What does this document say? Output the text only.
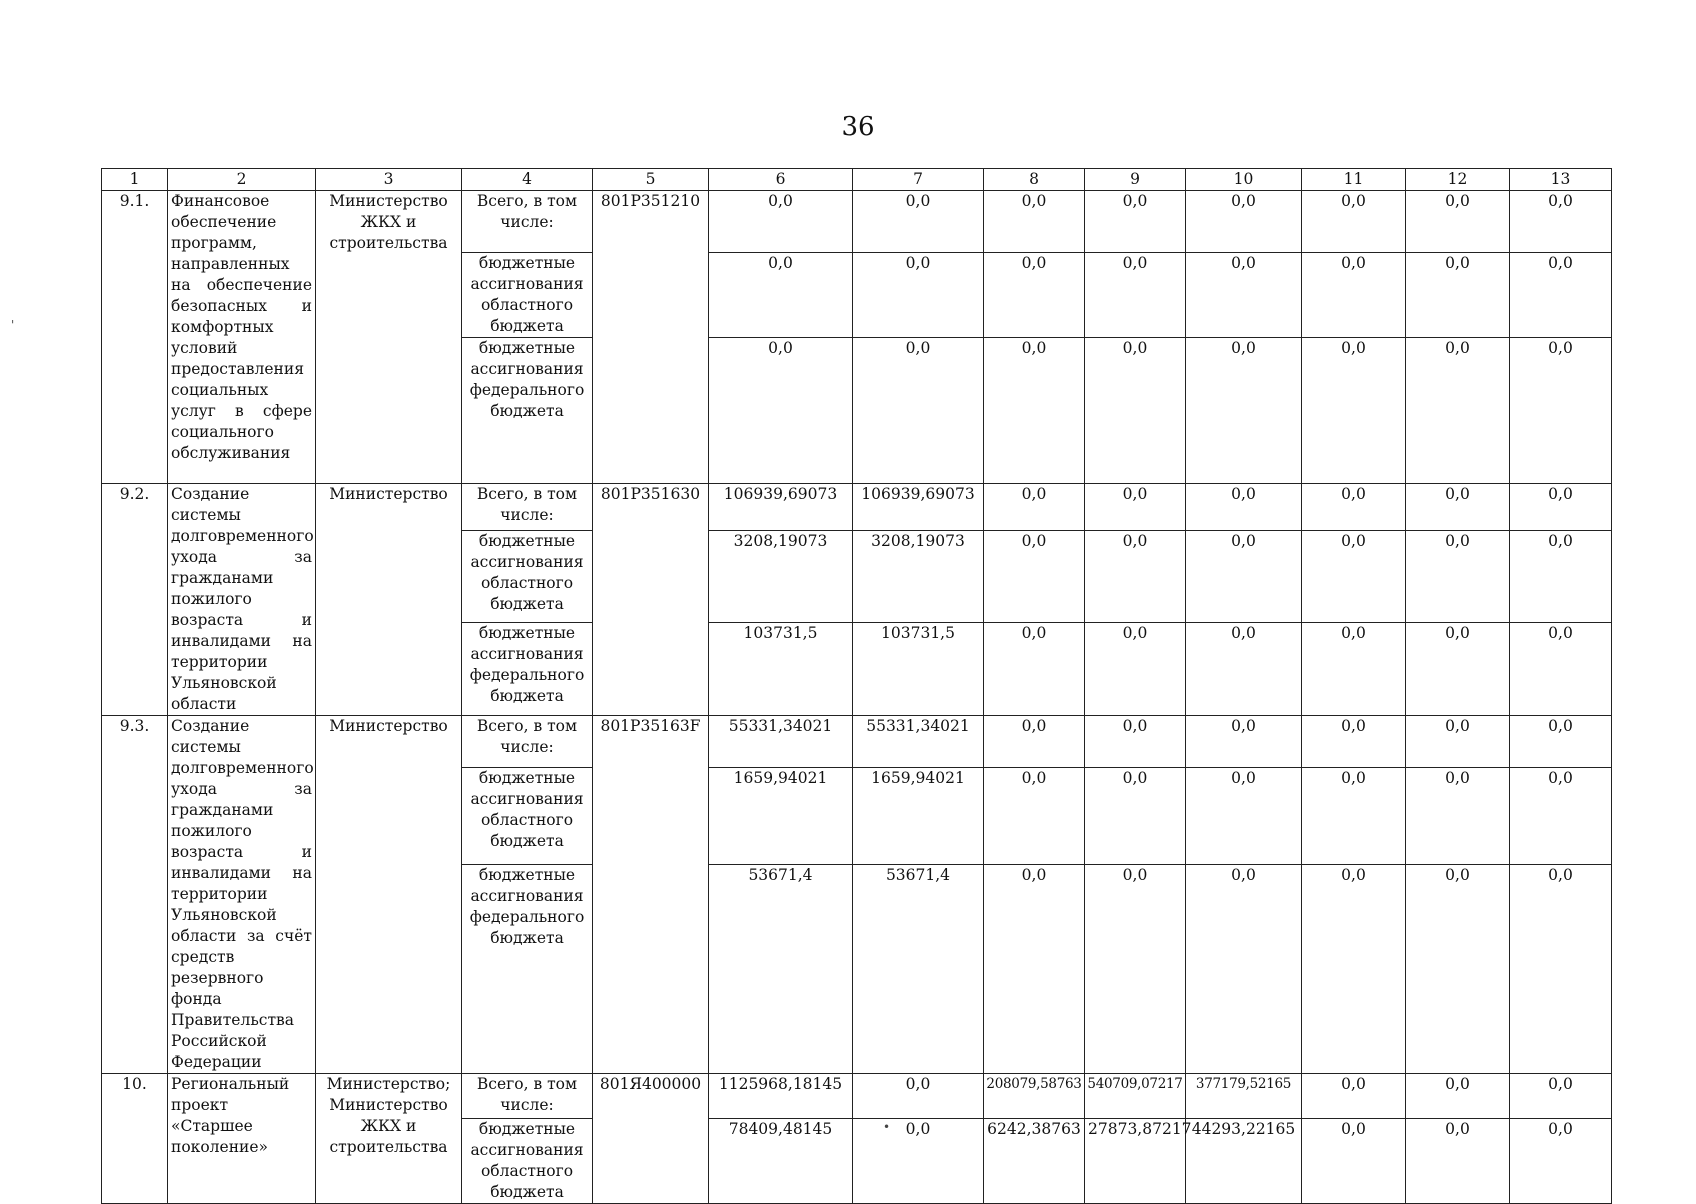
36
1	2	3	4	5	6	7	8	9	10	11	12	13
9.1.	Финансовое обеспечение программ, направленных на обеспечение безопасных и комфортных условий предоставления социальных услуг в сфере социального обслуживания	Министерство ЖКХ и строительства	Всего, в том числе:	801P351210	0,0	0,0	0,0	0,0	0,0	0,0	0,0	0,0
			бюджетные ассигнования областного бюджета		0,0	0,0	0,0	0,0	0,0	0,0	0,0	0,0
			бюджетные ассигнования федерального бюджета		0,0	0,0	0,0	0,0	0,0	0,0	0,0	0,0
9.2.	Создание системы долговременного ухода за гражданами пожилого возраста и инвалидами на территории Ульяновской области	Министерство	Всего, в том числе:	801P351630	106939,69073	106939,69073	0,0	0,0	0,0	0,0	0,0	0,0
			бюджетные ассигнования областного бюджета		3208,19073	3208,19073	0,0	0,0	0,0	0,0	0,0	0,0
			бюджетные ассигнования федерального бюджета		103731,5	103731,5	0,0	0,0	0,0	0,0	0,0	0,0
9.3.	Создание системы долговременного ухода за гражданами пожилого возраста и инвалидами на территории Ульяновской области за счёт средств резервного фонда Правительства Российской Федерации	Министерство	Всего, в том числе:	801P35163F	55331,34021	55331,34021	0,0	0,0	0,0	0,0	0,0	0,0
			бюджетные ассигнования областного бюджета		1659,94021	1659,94021	0,0	0,0	0,0	0,0	0,0	0,0
			бюджетные ассигнования федерального бюджета		53671,4	53671,4	0,0	0,0	0,0	0,0	0,0	0,0
10.	Региональный проект «Старшее поколение»	Министерство; Министерство ЖКХ и строительства	Всего, в том числе:	801Я400000	1125968,18145	0,0	208079,58763	540709,07217	377179,52165	0,0	0,0	0,0
			бюджетные ассигнования областного бюджета		78409,48145	0,0	6242,38763	27873,87217	44293,22165	0,0	0,0	0,0
'
•
